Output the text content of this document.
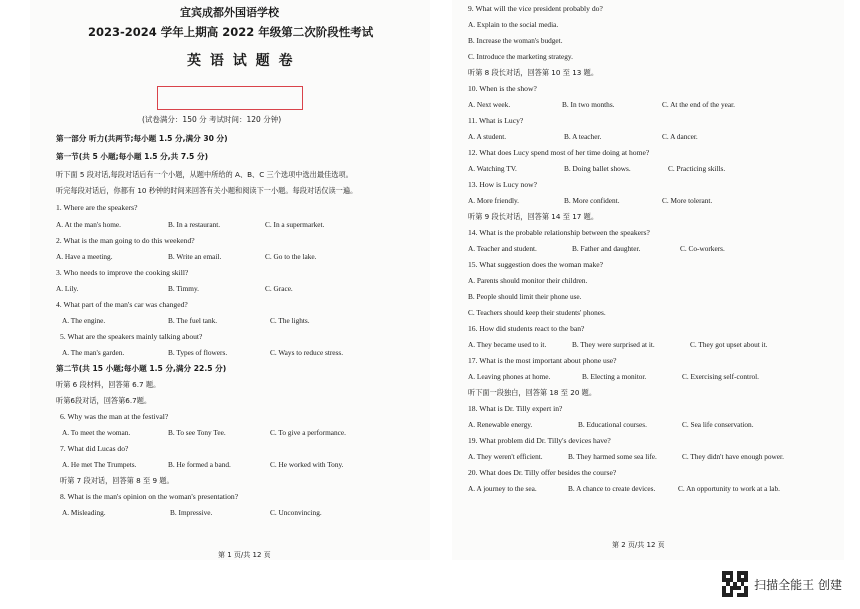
宜宾成都外国语学校
2023-2024 学年上期高 2022 年级第二次阶段性考试
英 语 试 题 卷
(试卷满分：150 分 考试时间：120 分钟)
第一部分 听力(共两节;每小题 1.5 分,满分 30 分)
第一节(共 5 小题;每小题 1.5 分,共 7.5 分)
听下面 5 段对话,每段对话后有一个小题，从题中所给的 A、B、C 三个选项中选出最佳选项。
听完每段对话后，你都有 10 秒钟的时间来回答有关小题和阅读下一小题。每段对话仅读一遍。
1. Where are the speakers?
A. At the man's home.	B. In a restaurant.	C. In a supermarket.
2. What is the man going to do this weekend?
A. Have a meeting.	B. Write an email.	C. Go to the lake.
3. Who needs to improve the cooking skill?
A. Lily.	B. Timmy.	C. Grace.
4. What part of the man's car was changed?
A. The engine.	B. The fuel tank.	C. The lights.
5. What are the speakers mainly talking about?
A. The man's garden.	B. Types of flowers.	C. Ways to reduce stress.
第二节(共 15 小题;每小题 1.5 分,满分 22.5 分)
听第 6 段材料，回答第 6.7 题。
听第6段对话，回答第6.7题。
6. Why was the man at the festival?
A. To meet the woman.	B. To see Tony Tee.	C. To give a performance.
7. What did Lucas do?
A. He met The Trumpets.	B. He formed a band.	C. He worked with Tony.
听第 7 段对话，回答第 8 至 9 题。
8. What is the man's opinion on the woman's presentation?
A. Misleading.	B. Impressive.	C. Unconvincing.
第 1 页/共 12 页
9. What will the vice president probably do?
A. Explain to the social media.
B. Increase the woman's budget.
C. Introduce the marketing strategy.
听第 8 段长对话，回答第 10 至 13 题。
10. When is the show?
A. Next week.	B. In two months.	C. At the end of the year.
11. What is Lucy?
A. A student.	B. A teacher.	C. A dancer.
12. What does Lucy spend most of her time doing at home?
A. Watching TV.	B. Doing ballet shows.	C. Practicing skills.
13. How is Lucy now?
A. More friendly.	B. More confident.	C. More tolerant.
听第 9 段长对话，回答第 14 至 17 题。
14. What is the probable relationship between the speakers?
A. Teacher and student.	B. Father and daughter.	C. Co-workers.
15. What suggestion does the woman make?
A. Parents should monitor their children.
B. People should limit their phone use.
C. Teachers should keep their students' phones.
16. How did students react to the ban?
A. They became used to it.	B. They were surprised at it.	C. They got upset about it.
17. What is the most important about phone use?
A. Leaving phones at home.	B. Electing a monitor.	C. Exercising self-control.
听下面一段独白，回答第 18 至 20 题。
18. What is Dr. Tilly expert in?
A. Renewable energy.	B. Educational courses.	C. Sea life conservation.
19. What problem did Dr. Tilly's devices have?
A. They weren't efficient.	B. They harmed some sea life.	C. They didn't have enough power.
20. What does Dr. Tilly offer besides the course?
A. A journey to the sea.	B. A chance to create devices.	C. An opportunity to work at a lab.
第 2 页/共 12 页
扫描全能王 创建
